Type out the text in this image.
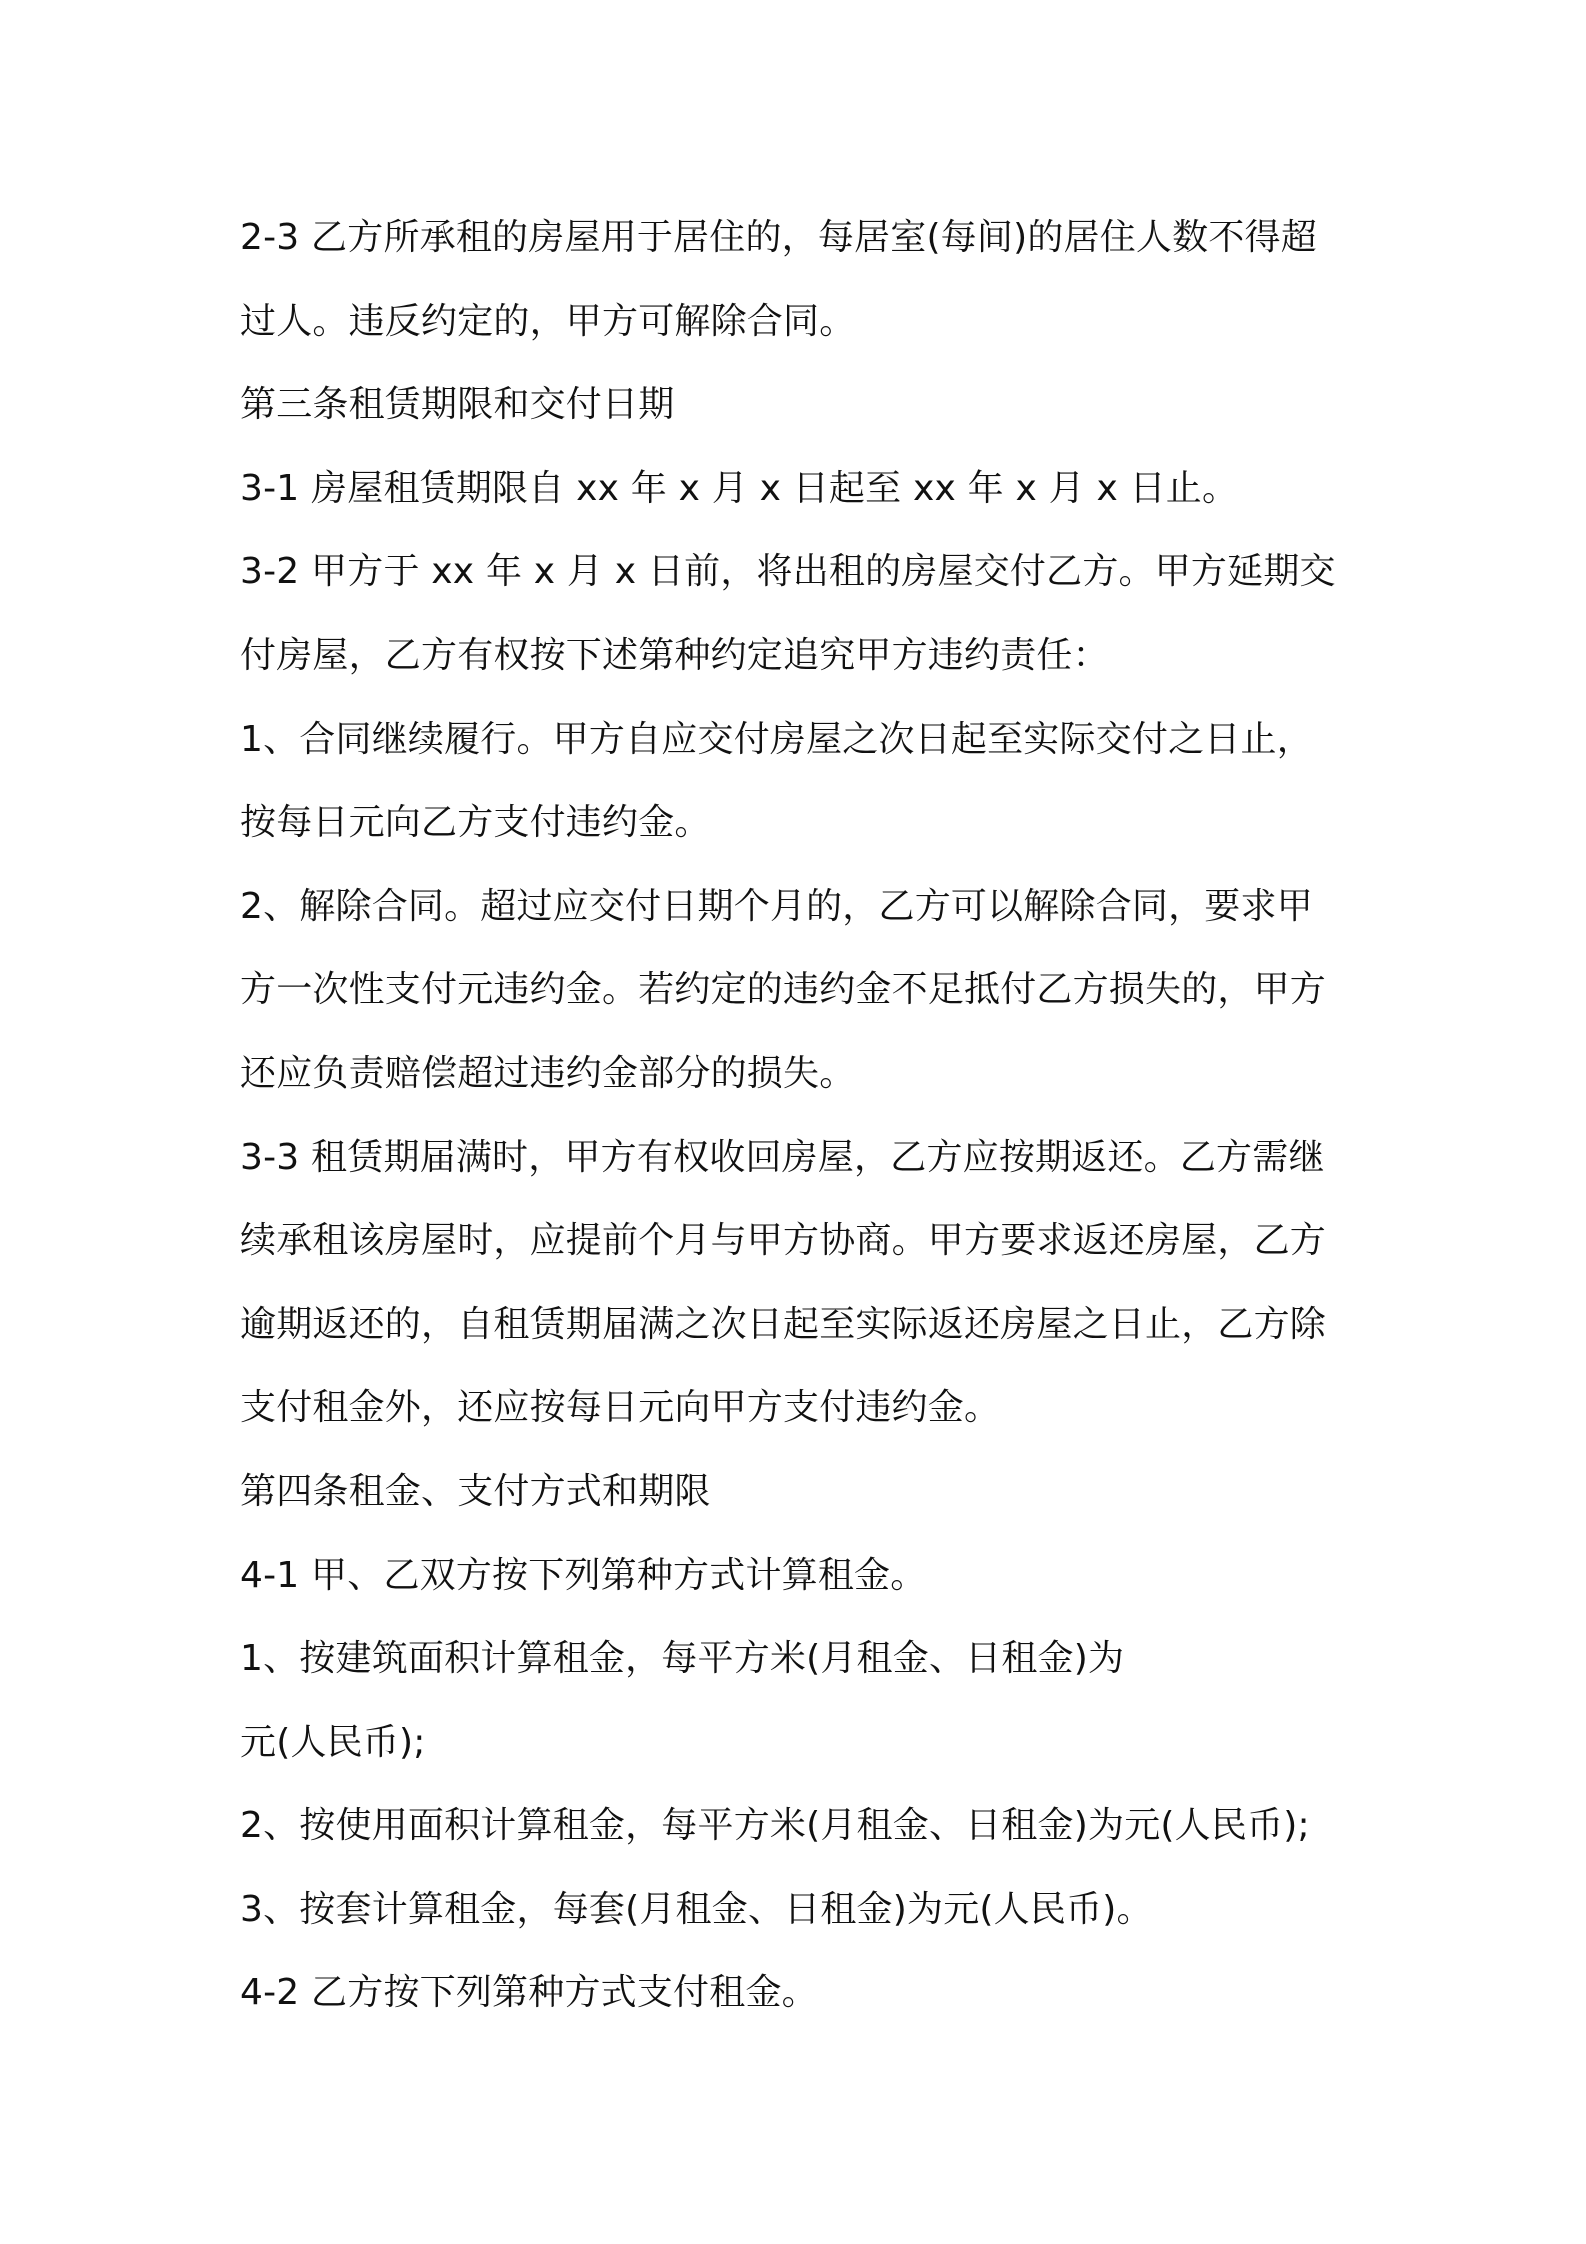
2-3 乙方所承租的房屋用于居住的，每居室(每间)的居住人数不得超
过人。违反约定的，甲方可解除合同。
第三条租赁期限和交付日期
3-1 房屋租赁期限自 xx 年 x 月 x 日起至 xx 年 x 月 x 日止。
3-2 甲方于 xx 年 x 月 x 日前，将出租的房屋交付乙方。甲方延期交
付房屋，乙方有权按下述第种约定追究甲方违约责任：
1、合同继续履行。甲方自应交付房屋之次日起至实际交付之日止，
按每日元向乙方支付违约金。
2、解除合同。超过应交付日期个月的，乙方可以解除合同，要求甲
方一次性支付元违约金。若约定的违约金不足抵付乙方损失的，甲方
还应负责赔偿超过违约金部分的损失。
3-3 租赁期届满时，甲方有权收回房屋，乙方应按期返还。乙方需继
续承租该房屋时，应提前个月与甲方协商。甲方要求返还房屋，乙方
逾期返还的，自租赁期届满之次日起至实际返还房屋之日止，乙方除
支付租金外，还应按每日元向甲方支付违约金。
第四条租金、支付方式和期限
4-1 甲、乙双方按下列第种方式计算租金。
1、按建筑面积计算租金，每平方米(月租金、日租金)为
元(人民币);
2、按使用面积计算租金，每平方米(月租金、日租金)为元(人民币);
3、按套计算租金，每套(月租金、日租金)为元(人民币)。
4-2 乙方按下列第种方式支付租金。
